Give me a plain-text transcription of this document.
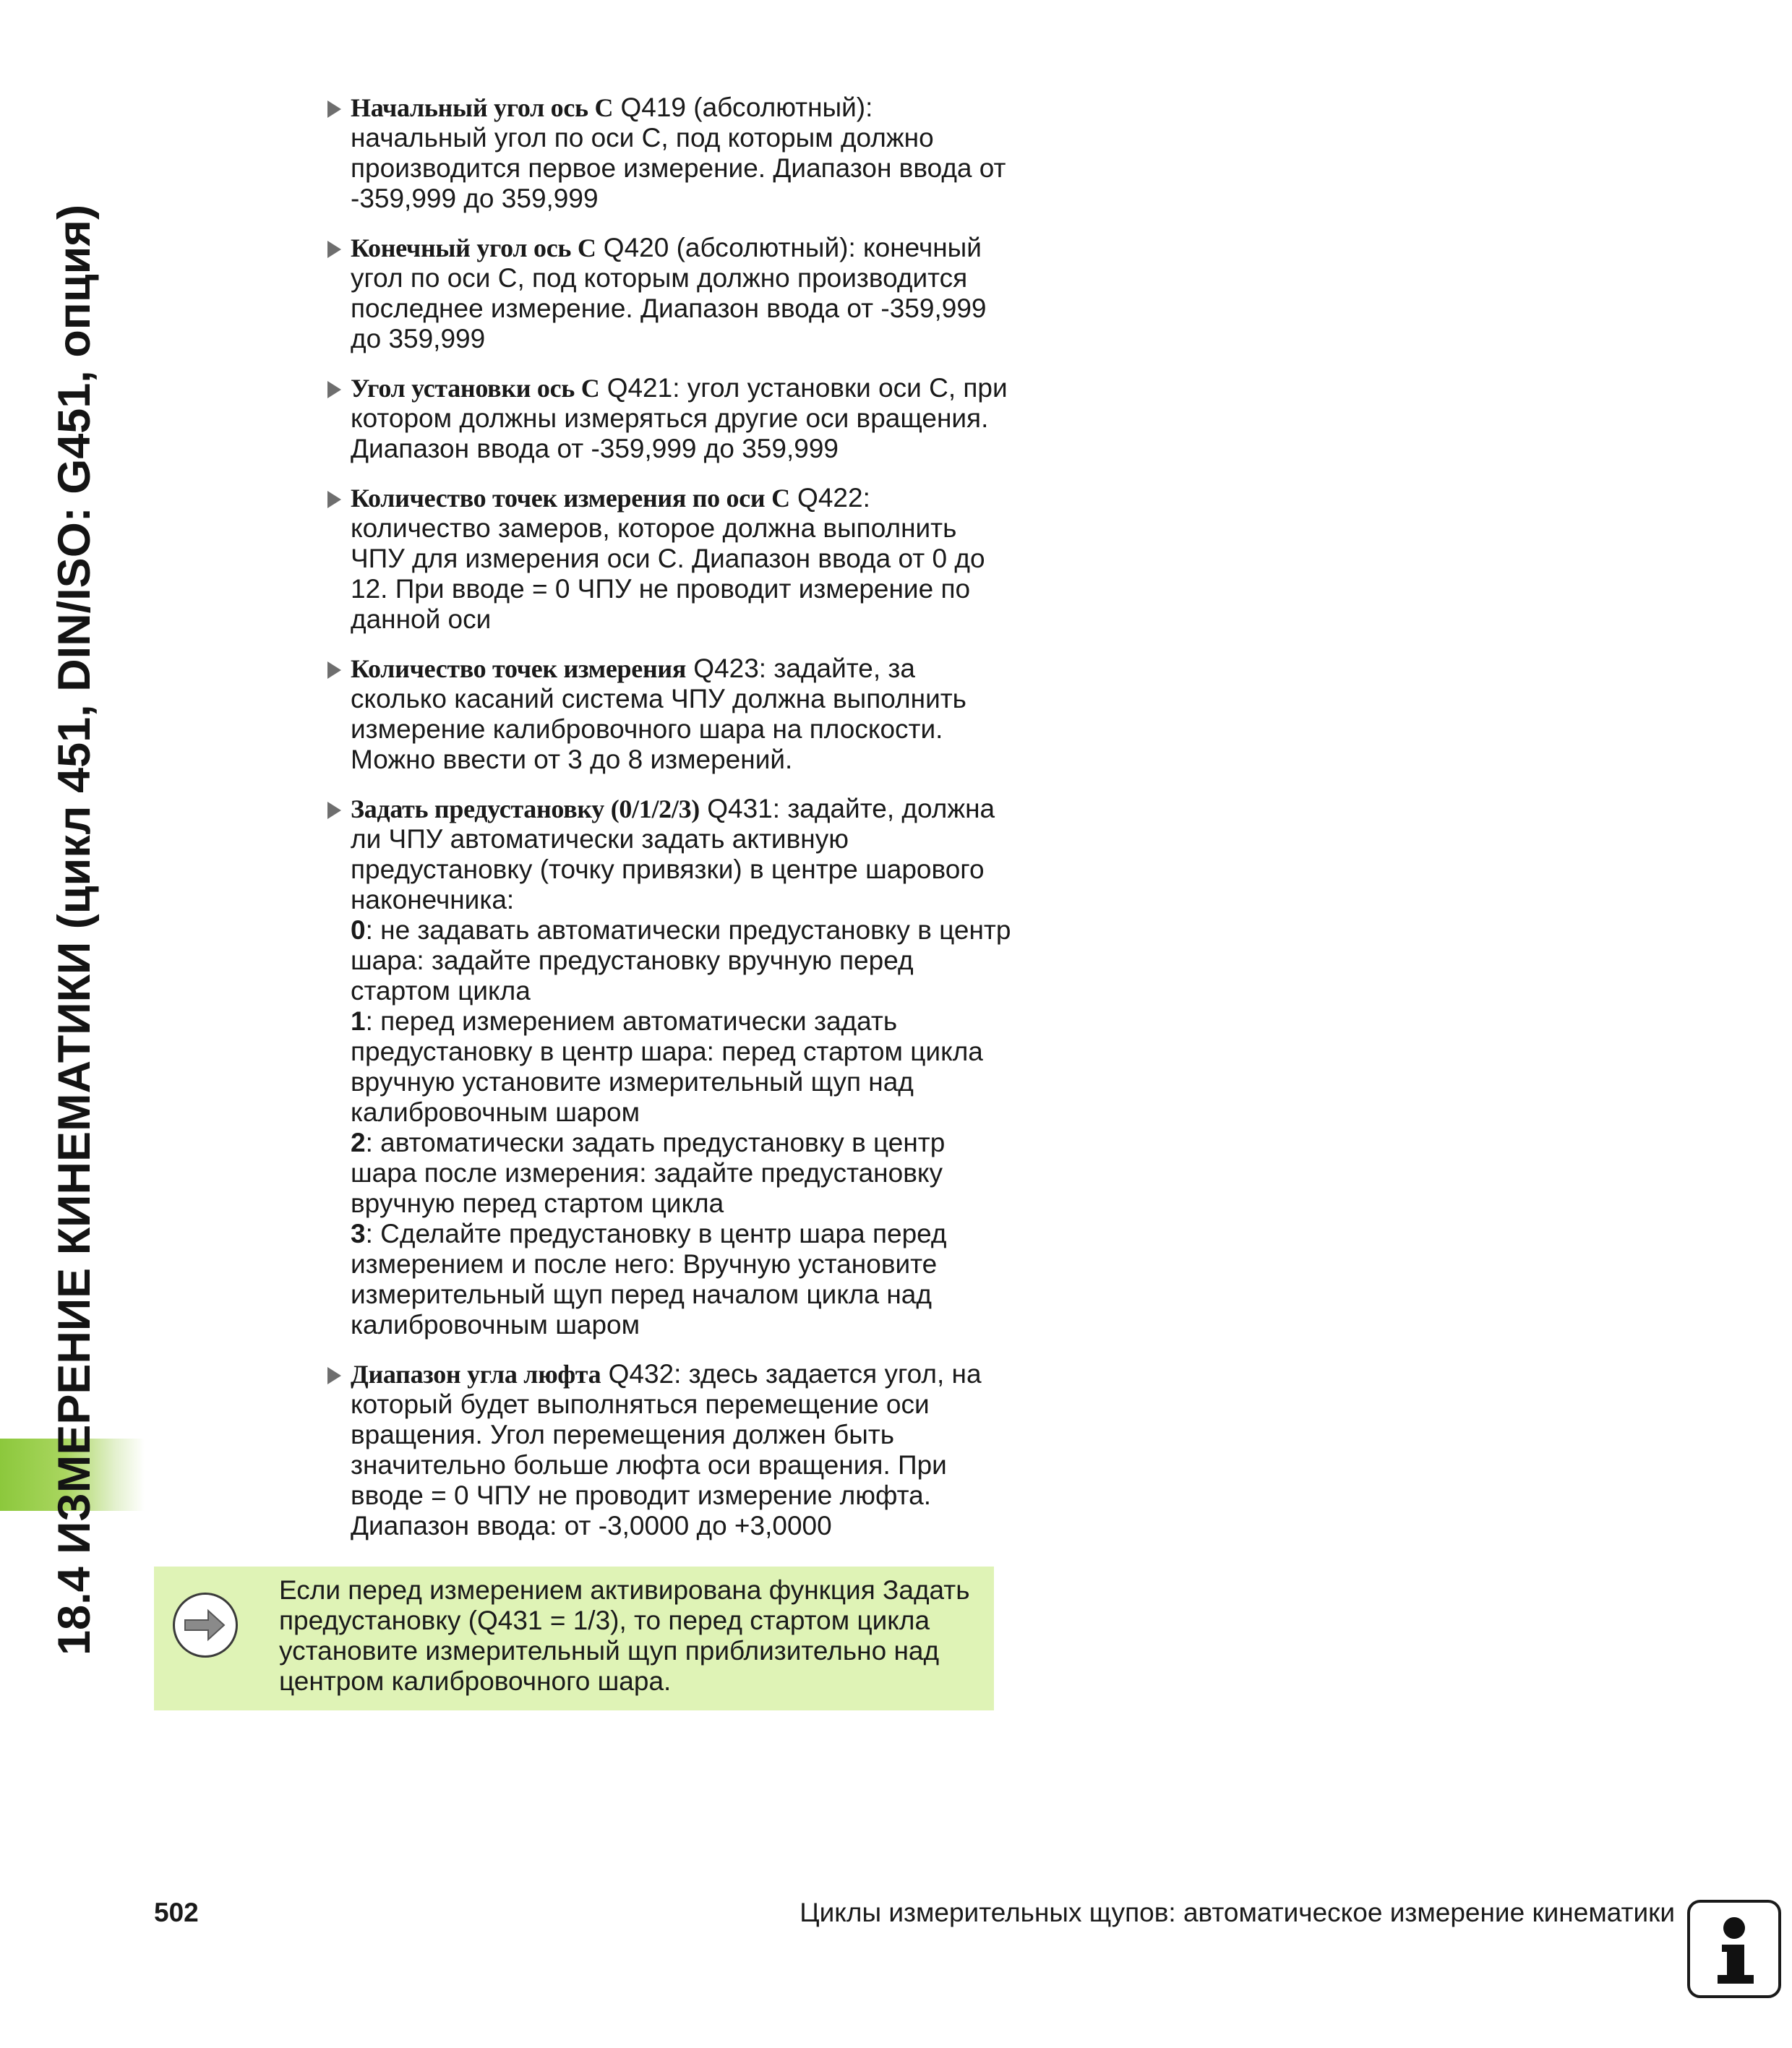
18.4 ИЗМЕРЕНИЕ КИНЕМАТИКИ (цикл 451, DIN/ISO: G451, опция)
Начальный угол ось C Q419 (абсолютный): начальный угол по оси C, под которым должно производится первое измерение. Диапазон ввода от -359,999 до 359,999
Конечный угол ось C Q420 (абсолютный): конечный угол по оси C, под которым должно производится последнее измерение. Диапазон ввода от -359,999 до 359,999
Угол установки ось C Q421: угол установки оси C, при котором должны измеряться другие оси вращения. Диапазон ввода от -359,999 до 359,999
Количество точек измерения по оси C Q422: количество замеров, которое должна выполнить ЧПУ для измерения оси C. Диапазон ввода от 0 до 12. При вводе = 0 ЧПУ не проводит измерение по данной оси
Количество точек измерения Q423: задайте, за сколько касаний система ЧПУ должна выполнить измерение калибровочного шара на плоскости. Можно ввести от 3 до 8 измерений.
Задать предустановку (0/1/2/3) Q431: задайте, должна ли ЧПУ автоматически задать активную предустановку (точку привязки) в центре шарового наконечника:
0: не задавать автоматически предустановку в центр шара: задайте предустановку вручную перед стартом цикла
1: перед измерением автоматически задать предустановку в центр шара: перед стартом цикла вручную установите измерительный щуп над калибровочным шаром
2: автоматически задать предустановку в центр шара после измерения: задайте предустановку вручную перед стартом цикла
3: Сделайте предустановку в центр шара перед измерением и после него: Вручную установите измерительный щуп перед началом цикла над калибровочным шаром
Диапазон угла люфта Q432: здесь задается угол, на который будет выполняться перемещение оси вращения. Угол перемещения должен быть значительно больше люфта оси вращения. При вводе = 0 ЧПУ не проводит измерение люфта. Диапазон ввода: от -3,0000 до +3,0000
Если перед измерением активирована функция Задать предустановку (Q431 = 1/3), то перед стартом цикла установите измерительный щуп приблизительно над центром калибровочного шара.
502	Циклы измерительных щупов: автоматическое измерение кинематики
